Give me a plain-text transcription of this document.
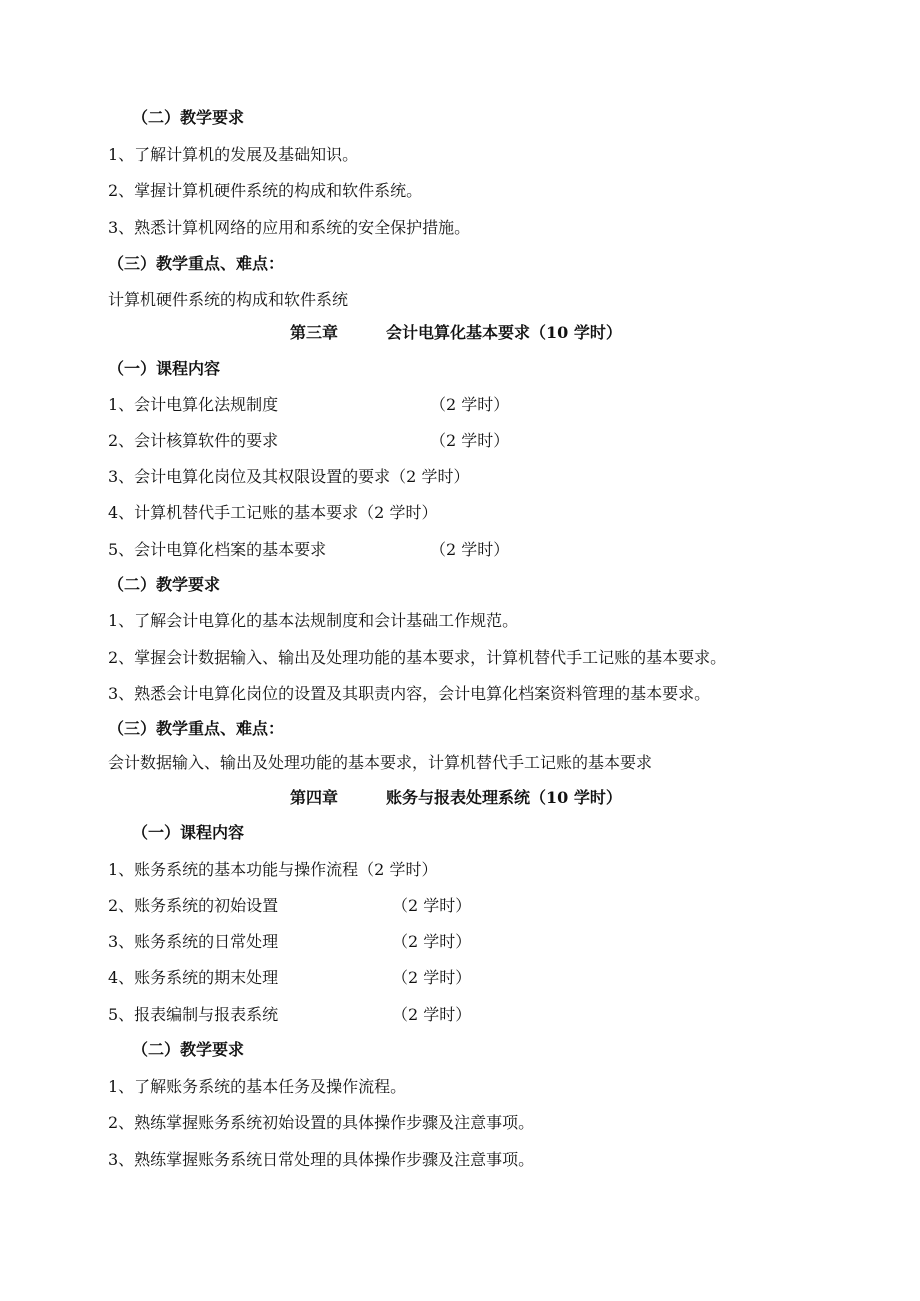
（二）教学要求
1、了解计算机的发展及基础知识。
2、掌握计算机硬件系统的构成和软件系统。
3、熟悉计算机网络的应用和系统的安全保护措施。
（三）教学重点、难点：
计算机硬件系统的构成和软件系统
第三章	会计电算化基本要求（10 学时）
（一）课程内容
1、会计电算化法规制度	（2 学时）
2、会计核算软件的要求	（2 学时）
3、会计电算化岗位及其权限设置的要求（2 学时）
4、计算机替代手工记账的基本要求（2 学时）
5、会计电算化档案的基本要求	（2 学时）
（二）教学要求
1、了解会计电算化的基本法规制度和会计基础工作规范。
2、掌握会计数据输入、输出及处理功能的基本要求，计算机替代手工记账的基本要求。
3、熟悉会计电算化岗位的设置及其职责内容，会计电算化档案资料管理的基本要求。
（三）教学重点、难点：
会计数据输入、输出及处理功能的基本要求，计算机替代手工记账的基本要求
第四章	账务与报表处理系统（10 学时）
（一）课程内容
1、账务系统的基本功能与操作流程（2 学时）
2、账务系统的初始设置	（2 学时）
3、账务系统的日常处理	（2 学时）
4、账务系统的期末处理	（2 学时）
5、报表编制与报表系统	（2 学时）
（二）教学要求
1、了解账务系统的基本任务及操作流程。
2、熟练掌握账务系统初始设置的具体操作步骤及注意事项。
3、熟练掌握账务系统日常处理的具体操作步骤及注意事项。
